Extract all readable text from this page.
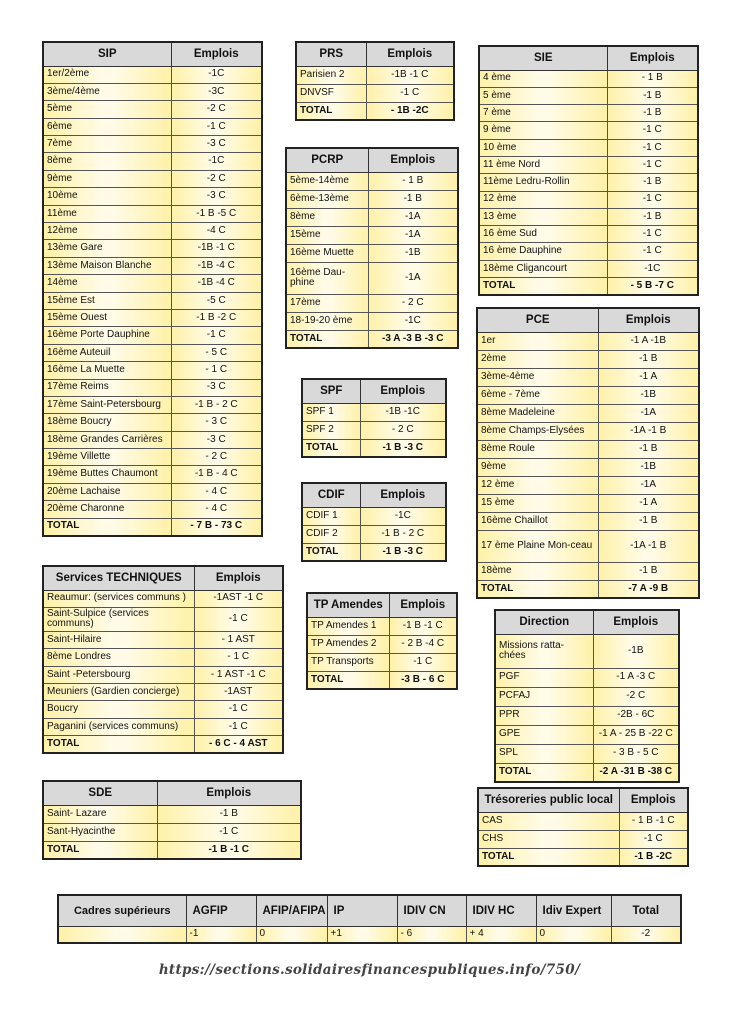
SIP	Emplois
1er/2ème	-1C
3ème/4ème	-3C
5ème	-2 C
6ème	-1 C
7ème	-3 C
8ème	-1C
9ème	-2 C
10ème	-3 C
11ème	-1 B -5 C
12ème	-4 C
13ème Gare	-1B -1 C
13ème Maison Blanche	-1B -4 C
14ème	-1B -4 C
15ème Est	-5 C
15ème Ouest	-1 B -2 C
16ème Porte Dauphine	-1 C
16ème Auteuil	- 5 C
16ème La Muette	- 1 C
17ème Reims	-3 C
17ème Saint-Petersbourg	-1 B - 2 C
18ème Boucry	- 3 C
18ème Grandes Carrières	-3 C
19ème Villette	- 2 C
19ème Buttes Chaumont	-1 B - 4 C
20ème Lachaise	- 4 C
20ème Charonne	- 4 C
TOTAL	- 7 B - 73 C
PRS	Emplois
Parisien 2	-1B -1 C
DNVSF	-1 C
TOTAL	- 1B -2C
PCRP	Emplois
5ème-14ème	- 1 B
6ème-13ème	-1 B
8ème	-1A
15ème	-1A
16ème Muette	-1B
16ème Dau-phine	-1A
17ème	- 2 C
18-19-20 ème	-1C
TOTAL	-3 A -3 B -3 C
SIE	Emplois
4 ème	- 1 B
5 ème	-1 B
7 ème	-1 B
9 ème	-1 C
10 ème	-1 C
11 ème Nord	-1 C
11ème Ledru-Rollin	-1 B
12 ème	-1 C
13 ème	-1 B
16 ème Sud	-1 C
16 ème Dauphine	-1 C
18ème Cligancourt	-1C
TOTAL	- 5 B -7 C
PCE	Emplois
1er	-1 A -1B
2ème	-1 B
3ème-4ème	-1 A
6ème - 7ème	-1B
8ème Madeleine	-1A
8ème Champs-Elysées	-1A -1 B
8ème Roule	-1 B
9ème	-1B
12 ème	-1A
15 ème	-1 A
16ème Chaillot	-1 B
17 ème Plaine Mon-ceau	-1A -1 B
18ème	-1 B
TOTAL	-7 A -9 B
SPF	Emplois
SPF 1	-1B -1C
SPF 2	- 2 C
TOTAL	-1 B -3 C
CDIF	Emplois
CDIF 1	-1C
CDIF 2	-1 B - 2 C
TOTAL	-1 B -3 C
Services TECHNIQUES	Emplois
Reaumur: (services communs )	-1AST -1 C
Saint-Sulpice (services communs)	-1 C
Saint-Hilaire	- 1 AST
8ème Londres	- 1 C
Saint -Petersbourg	- 1 AST -1 C
Meuniers (Gardien concierge)	-1AST
Boucry	-1 C
Paganini (services communs)	-1 C
TOTAL	- 6 C - 4 AST
TP Amendes	Emplois
TP Amendes 1	-1 B -1 C
TP Amendes 2	- 2 B -4 C
TP Transports	-1 C
TOTAL	-3 B - 6 C
Direction	Emplois
Missions ratta-chées	-1B
PGF	-1 A -3 C
PCFAJ	-2 C
PPR	-2B - 6C
GPE	-1 A - 25 B -22 C
SPL	- 3 B - 5 C
TOTAL	-2 A -31 B -38 C
SDE	Emplois
Saint- Lazare	-1 B
Sant-Hyacinthe	-1 C
TOTAL	-1 B -1 C
Trésoreries public local	Emplois
CAS	- 1 B -1 C
CHS	-1 C
TOTAL	-1 B -2C
Cadres supérieurs	AGFIP	AFIP/AFIPA	IP	IDIV CN	IDIV HC	Idiv Expert	Total
	-1	0	+1	- 6	+ 4	0	-2
https://sections.solidairesfinancespubliques.info/750/
